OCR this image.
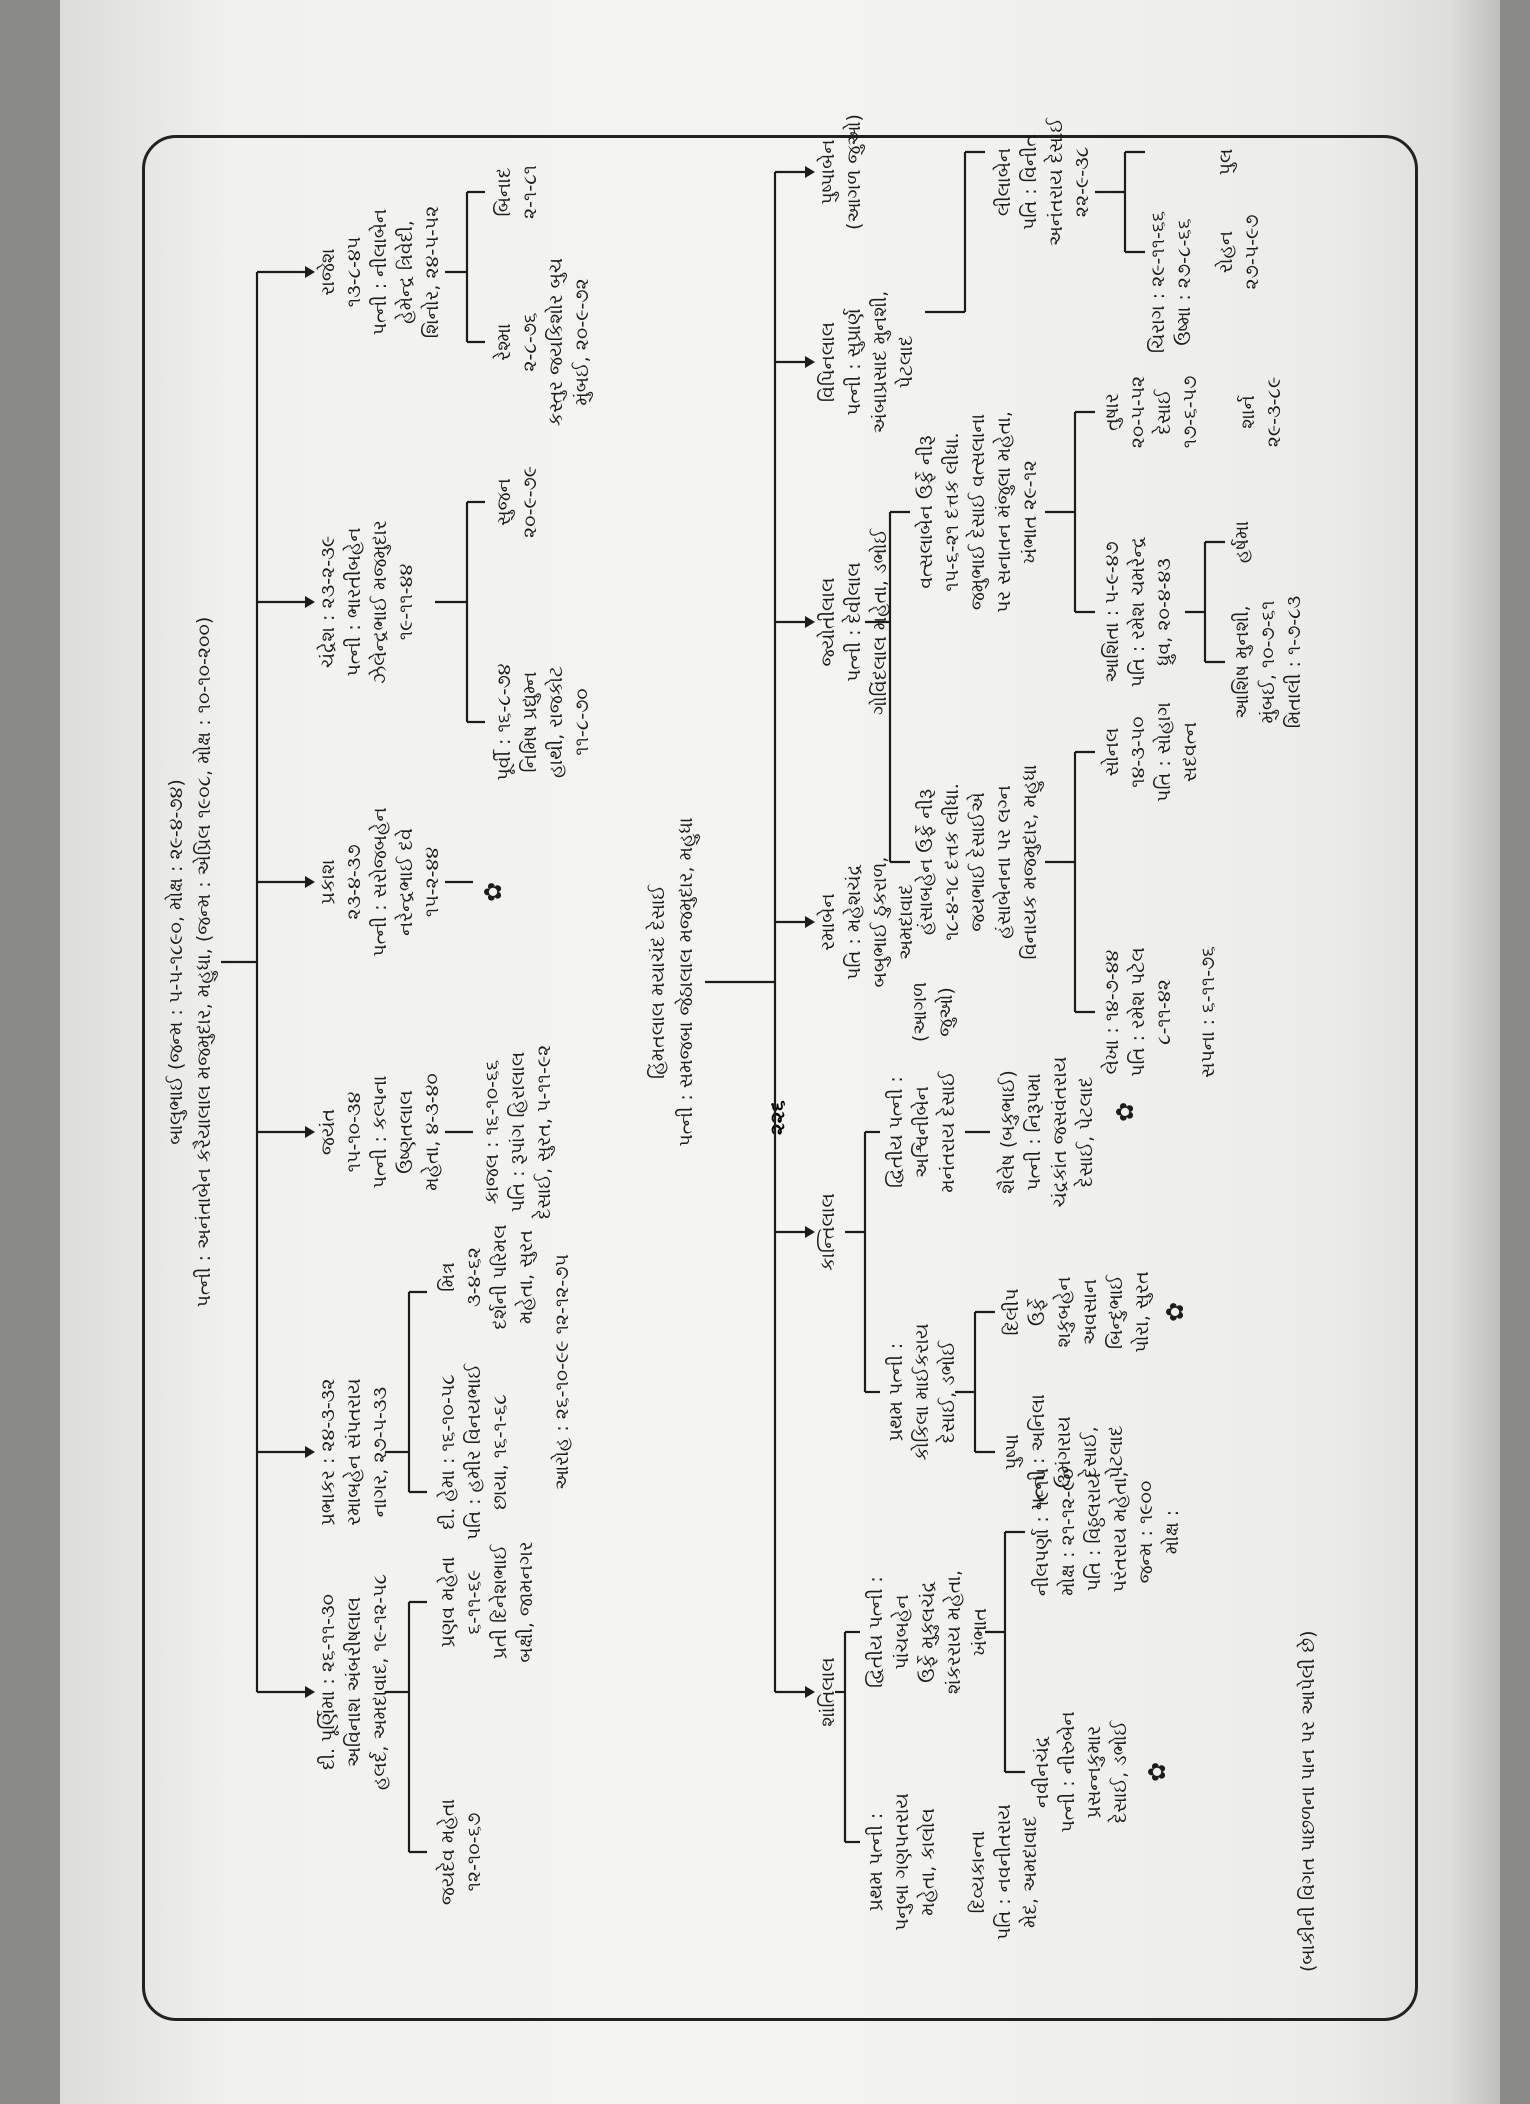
૨૨૬
બાલુભાઈ (જન્મ : ૫-૫-૧૮૯૦, મોક્ષ : ૨૯-૪-૭૪) પત્ની : અનંતાબેન કરૈયાલાલ મજમુદાર, મહુધા, (જન્મ : એપ્રિલ ૧૯૦૮, મોક્ષ : ૧૦-૧૦-૨૦૦)
દી. પૂર્ણિમા : ૨૬-૧૧-૩૦ અવિનાશ અંબરીષલાલ હલર્દ, અમદાવાદ, ૧૯-૧૨-૫૮
પ્રભાકર : ૨૪-૩-૩૨ રમાબહેન સંપતરાય નાગર, ૨૭-૫-૩૩
જયંત ૧૫-૧૦-૩૪ પત્ની : કલ્પના ઉષ્ણતલાલ મહેતા, ૪-૩-૪૦
પ્રકાશ ૨૩-૪-૩૭ પત્ની : સરોજબહેન નરેન્દ્રભાઈ દવે ૧૫-૨-૪૪
ચંદ્રેશ : ૨૩-૨-૩૯ પત્ની : ભારતીબહેન ઝેલેન્દ્રભાઈ મજમુદાર ૧૯-૧૧-૪૪
રાજેશ ૧૩-૮-૪૫ પત્ની : નીલાબેન હેમેન્દ્ર ત્રિવેદી, શિનોર, ૨૪-૫-૫૨
જયદેવ મહેતા ૧૨-૧૦-૬૭
પ્રણવ મહેતા ૬-૧૧-૬૯ પ્રતી દિનેશભાઈ બક્ષી, જામનગર
દી. હેમા : ૧૬-૧૦-૫૮ પતિ : હમીર વિનયભાઈ છાયા, ૧૬-૧-૬૮
મિત્ર ૩-૪-૬૨ દર્શની પરિમલ મહેતા, સુરત આરોહ : ૨૬-૧૦-૯૯ ૧૨-૧૨-૭૫
કાજલ : ૧૬-૧૦-૬૬ પતિ : રૂપાંગ હિરાલાલ દેસાઈ, સુરત, ૫-૧૧-૯૨
✿
પૂર્વી : ૧૬-૮-૭૪ નિમિષ પ્રદ્યુમ્ન હાથી, રાજકોટ ૧૧-૮-૭૦
સુજન ૨૦-૯-૭૯
રેશ્મા ૨-૮-૭૬ કસ્તુર જયકિશોર બુચ મુંબઈ, ૨૦-૯-૭૨
બિનાદ ૨-૧-૮૧
હિંમતલાલ મયાચંદ દેસાઈ પત્ની : સમજબા જેઠાલાલ મજમુદાર, મહુધા
શાંતિલાલ
કાન્તિલાલ
રમાબેન પતિ : મહેશચંદ્ર બબુભાઈ ઠુકરાળ, અમદાવાદ
જ્યોતીલાલ પત્ની : દેવીલાલ ગોવિંદલાલ મહેતા, ડભોઈ
વિપિનલાલ પત્ની : સુપ્રાર્ણ અંબાપ્રસાદ મુનશી, પેટલાદ
પુષ્પાબેન (આગળ જુઓ)
પ્રથમ પત્ની : પનુબા ગણપતરાય મહેતા, કાલોલ
દ્વિતીય પત્ની : પાંચબહેન ઉર્ફે મુકુલચંદ્ર શંકરરાય મહેતા, ખંભાત
દિવ્યકાન્તા પતિ : નવનીતરાય મેદ, અમદાવાદ
નવીનચંદ્ર પત્ની : નીરુબેન પ્રસન્નકુમાર દેસાઈ, ડભોઈ ✿
નીલપર્ણા : ૧૯૧૫ મોક્ષ : ૨૧-૧૨-૯૦ પતિ : વિઠ્ઠલરાય પરંતરાય મહેતા, જન્મ : ૧૯૦૦ મોક્ષ :
પ્રથમ પત્ની : કોકિલા માઈકરાય દેસાઈ, ડભોઈ
દ્વિતીય પત્ની : અશ્વિનીબેન મનંતરાય દેસાઈ
(આગળ જુઓ)
પુષ્પા પત્ની : અનિલા ઉમંગરાય દેસાઈ, પેટલાદ
દિલીપ ઉર્ફે શકુબહેન અવસાન બિન્દુભાઈ પોરા, સુરત ✿
શૈલેષ (બકુભાઈ) પત્ની : નિરૂપમા ચંદ્રકાંત જસવંતરાય દેસાઈ, પેટલાદ ✿
હંસાબહેન ઉર્ફે નીરૂ ૧૮-૪-૧૮ દત્તક લીધા. જયભાઈ દેસાઈએ હંસાબેનના પર લગ્ન વિનાયક મજમુદાર, મહુધા
વત્સલાબેન ઉર્ફે નીરૂ ૧૫-૬-૨૧ દત્તક લીધા. જમુભાઈ દેસાઈ વત્સલાના પર સનાતન મંજુલા મહેતા, ખંભાત ૨૯-૧૨
લેખા : ૧૪-૭-૪૪ પતિ : રમેશ પટેલ ૮-૧૧-૪૨ સપના : ૬-૧૧-૭૬
સોનલ ૧૪-૩-૫૦ પતિ : સોહાગ સદવત્ન
આશિતા : ૫-૯-૪૭ પતિ : રમેશ ચમરેન્દ્ર ધ્રુવ, ૨૦-૪-૪૩
તુષાર ૨૦-૫-૫૨ દેસાઈ ૧૭-૬-૫૭
આશિષ મુનશી, મુંબઈ, ૧૦-૭-૬૧ મિતાલી : ૧-૭-૮૩
હર્ષમા
શાર્ન ૨૯-૩-૮૯
લીલાબેન પતિ : વિનીત અનંતરાય દેસાઈ ૨૨-૯-૩૮
ચિરાગ : ૨૯-૧૧-૬૬ ઉષ્મા : ૨૭-૮-૬૬ રોહન ૨૭-૫-૯૭
પુલ
(બાકીની વિગત પાછળના પાન પર આપેલી છે)
